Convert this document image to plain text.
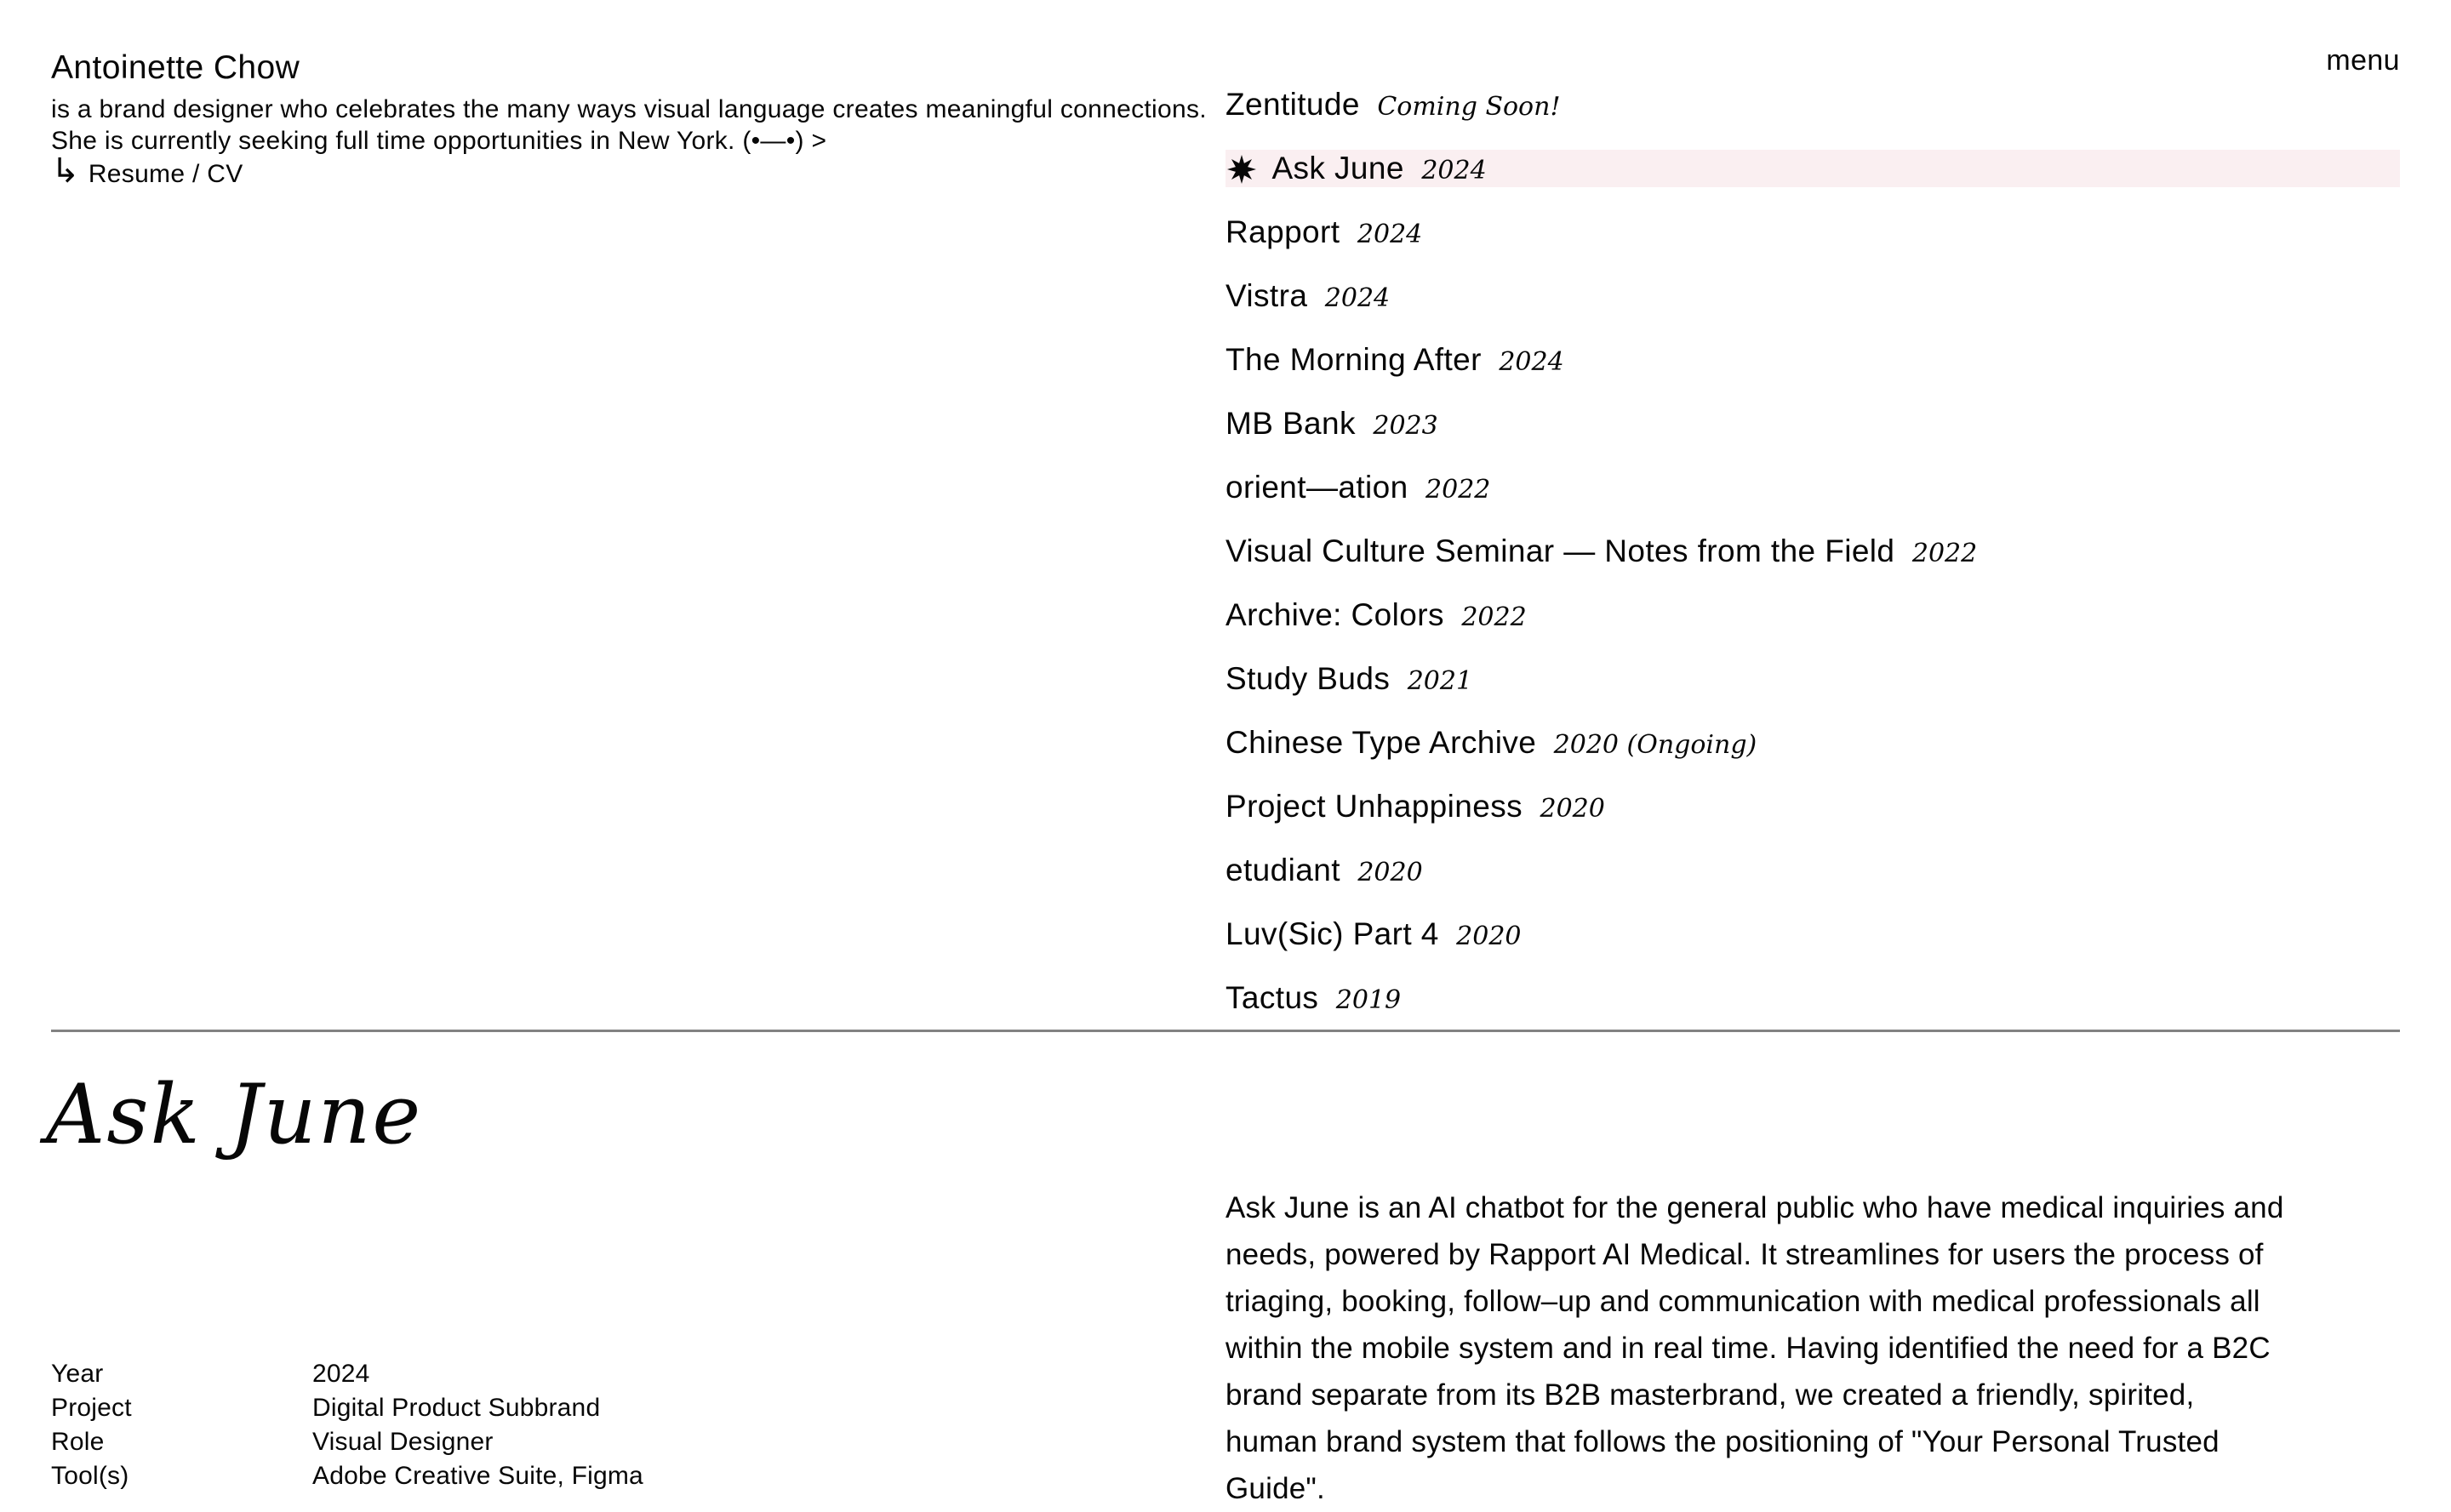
Antoinette Chow
is a brand designer who celebrates the many ways visual language creates meaningful connections.
She is currently seeking full time opportunities in New York. (•—•) >
↳ Resume / CV
menu
Zentitude Coming Soon!
Ask June 2024
Rapport 2024
Vistra 2024
The Morning After 2024
MB Bank 2023
orient—ation 2022
Visual Culture Seminar — Notes from the Field 2022
Archive: Colors 2022
Study Buds 2021
Chinese Type Archive 2020 (Ongoing)
Project Unhappiness 2020
etudiant 2020
Luv(Sic) Part 4 2020
Tactus 2019
Ask June
Year	2024
Project	Digital Product Subbrand
Role	Visual Designer
Tool(s)	Adobe Creative Suite, Figma
Ask June is an AI chatbot for the general public who have medical inquiries and
needs, powered by Rapport AI Medical. It streamlines for users the process of
triaging, booking, follow–up and communication with medical professionals all
within the mobile system and in real time. Having identified the need for a B2C
brand separate from its B2B masterbrand, we created a friendly, spirited,
human brand system that follows the positioning of "Your Personal Trusted
Guide".
